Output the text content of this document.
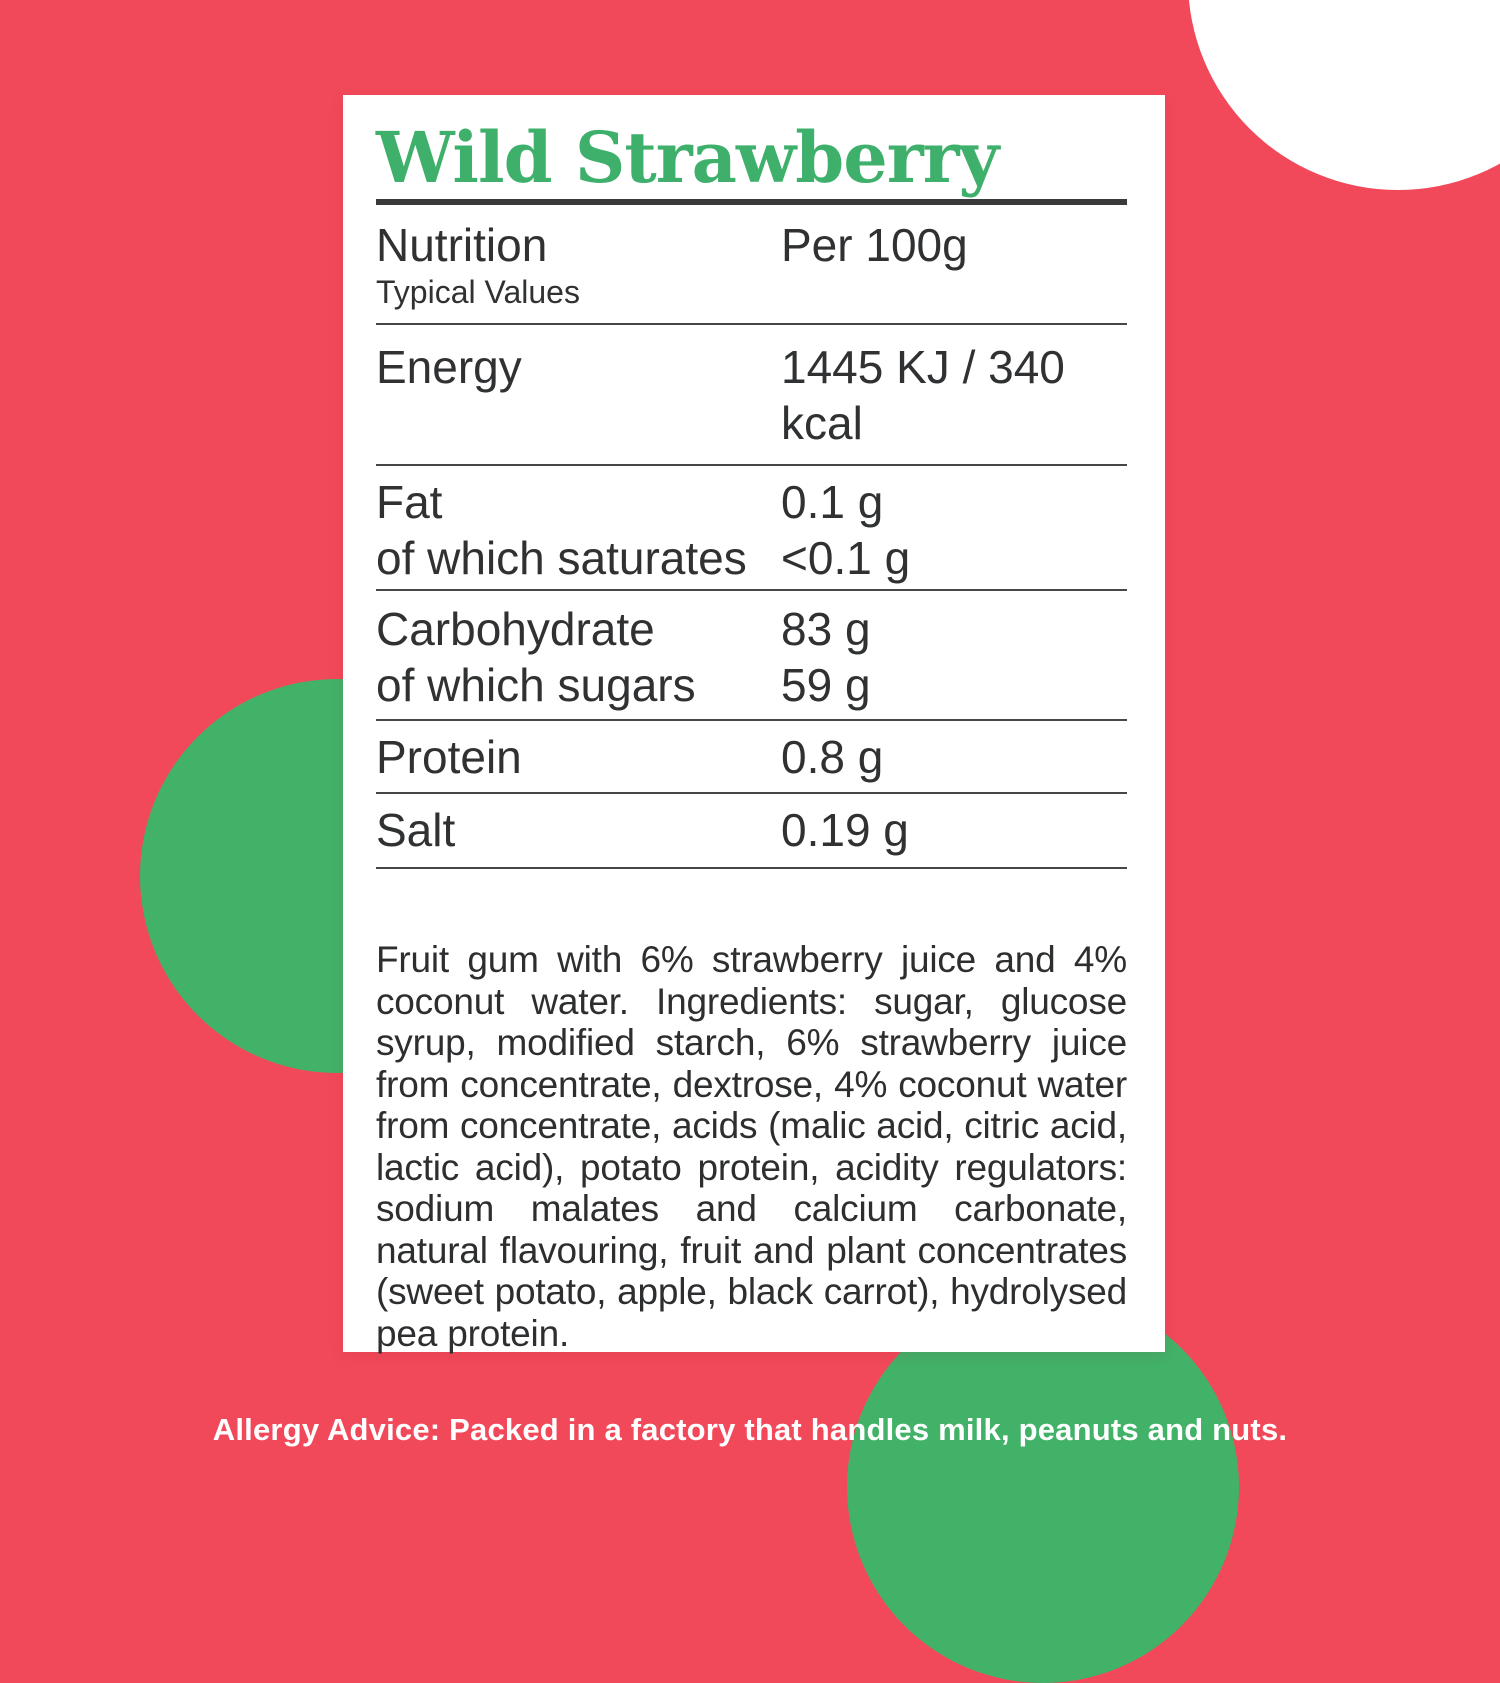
Wild Strawberry
Nutrition	Per 100g
Typical Values
Energy	1445 KJ / 340 kcal
Fat	0.1 g
of which saturates <0.1 g
Carbohydrate	83 g
of which sugars	59 g
Protein	0.8 g
Salt	0.19 g
Fruit gum with 6% strawberry juice and 4% coconut water. Ingredients: sugar, glucose syrup, modified starch, 6% strawberry juice from concentrate, dextrose, 4% coconut water from concentrate, acids (malic acid, citric acid, lactic acid), potato protein, acidity regulators: sodium malates and calcium carbonate, natural flavouring, fruit and plant concentrates (sweet potato, apple, black carrot), hydrolysed pea protein.
Allergy Advice: Packed in a factory that handles milk, peanuts and nuts.
